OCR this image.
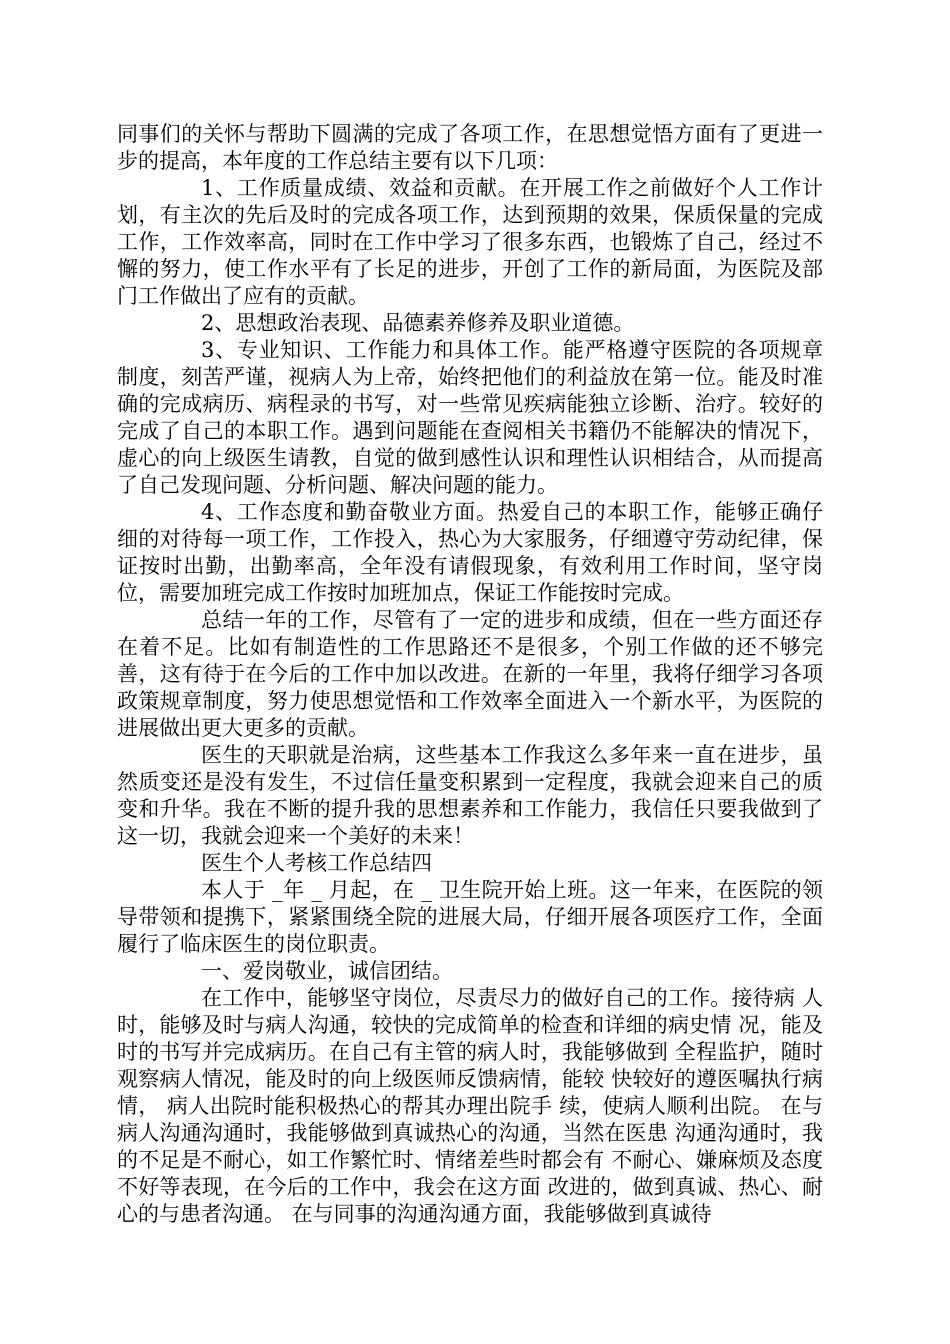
同事们的关怀与帮助下圆满的完成了各项工作，在思想觉悟方面有了更进一步的提高，本年度的工作总结主要有以下几项：

1、工作质量成绩、效益和贡献。在开展工作之前做好个人工作计划，有主次的先后及时的完成各项工作，达到预期的效果，保质保量的完成工作，工作效率高，同时在工作中学习了很多东西，也锻炼了自己，经过不懈的努力，使工作水平有了长足的进步，开创了工作的新局面，为医院及部门工作做出了应有的贡献。

2、思想政治表现、品德素养修养及职业道德。

3、专业知识、工作能力和具体工作。能严格遵守医院的各项规章制度，刻苦严谨，视病人为上帝，始终把他们的利益放在第一位。能及时准确的完成病历、病程录的书写，对一些常见疾病能独立诊断、治疗。较好的完成了自己的本职工作。遇到问题能在查阅相关书籍仍不能解决的情况下，虚心的向上级医生请教，自觉的做到感性认识和理性认识相结合，从而提高了自己发现问题、分析问题、解决问题的能力。

4、工作态度和勤奋敬业方面。热爱自己的本职工作，能够正确仔细的对待每一项工作，工作投入，热心为大家服务，仔细遵守劳动纪律，保证按时出勤，出勤率高，全年没有请假现象，有效利用工作时间，坚守岗位，需要加班完成工作按时加班加点，保证工作能按时完成。

总结一年的工作，尽管有了一定的进步和成绩，但在一些方面还存在着不足。比如有制造性的工作思路还不是很多，个别工作做的还不够完善，这有待于在今后的工作中加以改进。在新的一年里，我将仔细学习各项政策规章制度，努力使思想觉悟和工作效率全面进入一个新水平，为医院的进展做出更大更多的贡献。

医生的天职就是治病，这些基本工作我这么多年来一直在进步，虽然质变还是没有发生，不过信任量变积累到一定程度，我就会迎来自己的质变和升华。我在不断的提升我的思想素养和工作能力，我信任只要我做到了这一切，我就会迎来一个美好的未来！

医生个人考核工作总结四

本人于 _年 _ 月起，在 _ 卫生院开始上班。这一年来，在医院的领导带领和提携下，紧紧围绕全院的进展大局，仔细开展各项医疗工作，全面 履行了临床医生的岗位职责。

一、爱岗敬业，诚信团结。

在工作中，能够坚守岗位，尽责尽力的做好自己的工作。接待病 人时，能够及时与病人沟通，较快的完成简单的检查和详细的病史情 况，能及时的书写并完成病历。在自己有主管的病人时，我能够做到 全程监护，随时观察病人情况，能及时的向上级医师反馈病情，能较 快较好的遵医嘱执行病情， 病人出院时能积极热心的帮其办理出院手 续，使病人顺利出院。 在与病人沟通沟通时，我能够做到真诚热心的沟通，当然在医患 沟通沟通时，我的不足是不耐心，如工作繁忙时、情绪差些时都会有 不耐心、嫌麻烦及态度不好等表现，在今后的工作中，我会在这方面 改进的，做到真诚、热心、耐心的与患者沟通。 在与同事的沟通沟通方面，我能够做到真诚待
